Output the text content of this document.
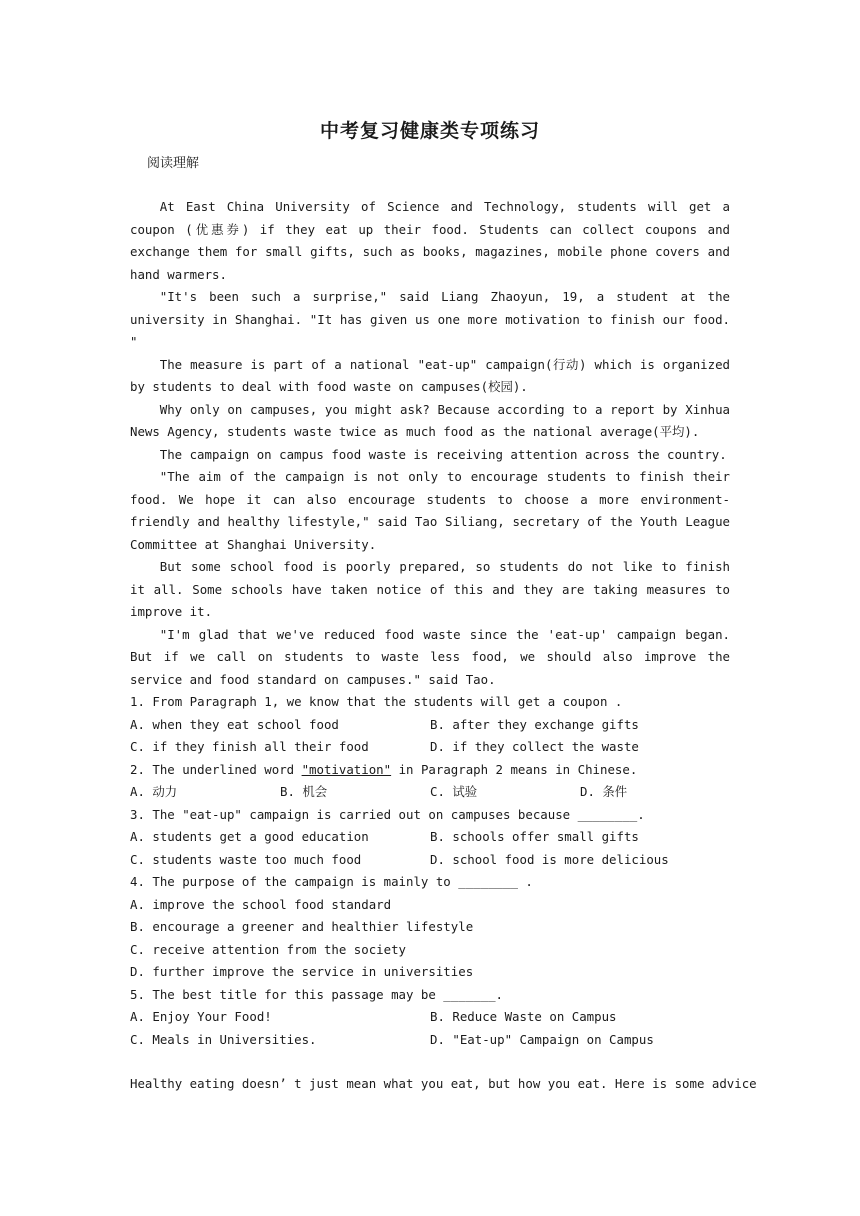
中考复习健康类专项练习
阅读理解

At East China University of Science and Technology, students will get a coupon (优惠券) if they eat up their food. Students can collect coupons and exchange them for small gifts, such as books, magazines, mobile phone covers and hand warmers.

"It's been such a surprise," said Liang Zhaoyun, 19, a student at the university in Shanghai. "It has given us one more motivation to finish our food. "

The measure is part of a national "eat-up" campaign(行动) which is organized by students to deal with food waste on campuses(校园).

Why only on campuses, you might ask? Because according to a report by Xinhua News Agency, students waste twice as much food as the national average(平均).

The campaign on campus food waste is receiving attention across the country.

"The aim of the campaign is not only to encourage students to finish their food. We hope it can also encourage students to choose a more environment-friendly and healthy lifestyle," said Tao Siliang, secretary of the Youth League Committee at Shanghai University.

But some school food is poorly prepared, so students do not like to finish it all. Some schools have taken notice of this and they are taking measures to improve it.

"I'm glad that we've reduced food waste since the 'eat-up' campaign began. But if we call on students to waste less food, we should also improve the service and food standard on campuses." said Tao.

1. From Paragraph 1, we know that the students will get a coupon .

A. when they eat school food	B. after they exchange gifts
C. if they finish all their food	D. if they collect the waste

2. The underlined word "motivation" in Paragraph 2 means in Chinese.

A. 动力	B. 机会	C. 试验	D. 条件

3. The "eat-up" campaign is carried out on campuses because ________.

A. students get a good education	B. schools offer small gifts
C. students waste too much food	D. school food is more delicious

4. The purpose of the campaign is mainly to ________ .

A. improve the school food standard

B. encourage a greener and healthier lifestyle

C. receive attention from the society

D. further improve the service in universities

5. The best title for this passage may be _______.

A. Enjoy Your Food!	B. Reduce Waste on Campus
C. Meals in Universities.	D. "Eat-up" Campaign on Campus

Healthy eating doesn’ t just mean what you eat, but how you eat. Here is some advice
